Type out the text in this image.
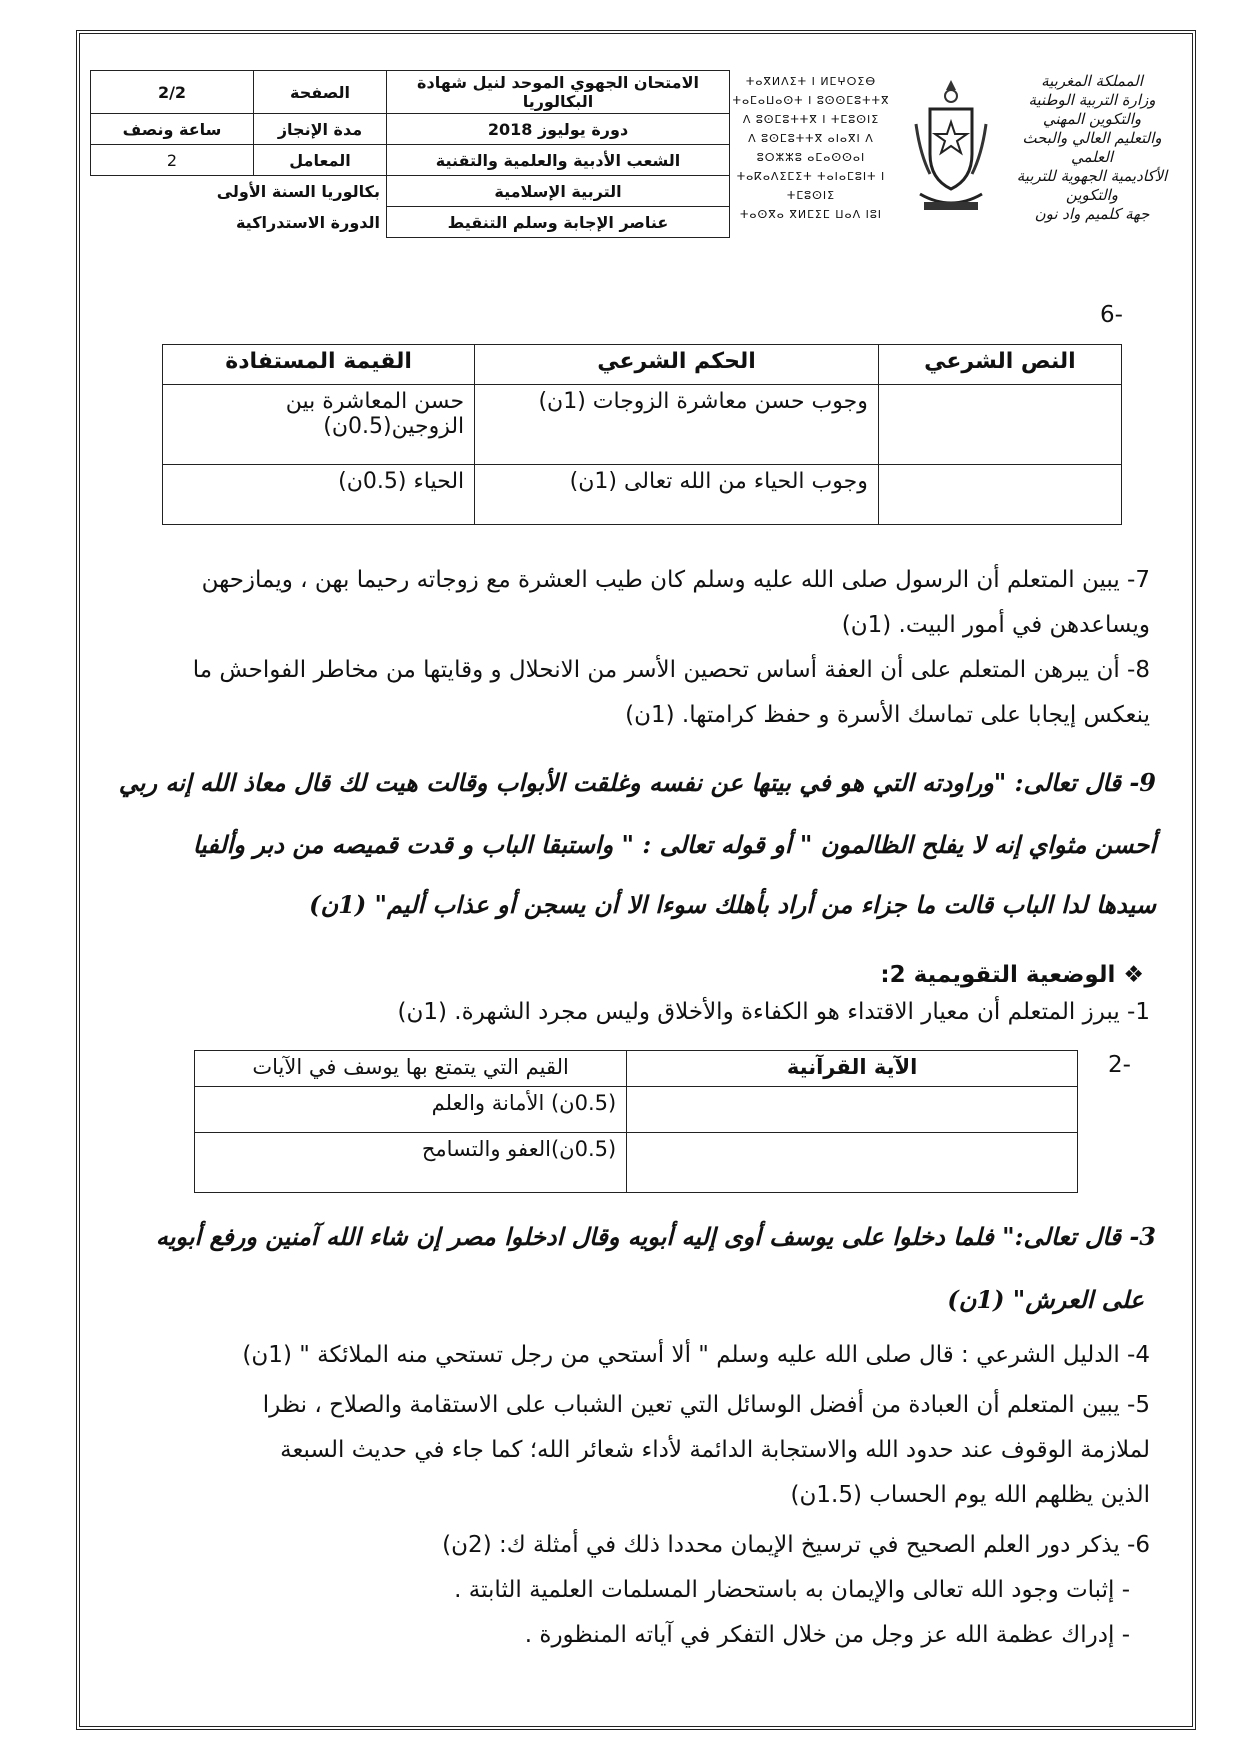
المملكة المغربية
وزارة التربية الوطنية
والتكوين المهني
والتعليم العالي والبحث العلمي
الأكاديمية الجهوية للتربية والتكوين
جهة كلميم واد نون
ⵜⴰⴳⵍⴷⵉⵜ ⵏ ⵍⵎⵖⵔⵉⴱ
ⵜⴰⵎⴰⵡⴰⵙⵜ ⵏ ⵓⵙⵙⵎⵓⵜⵜⴳ
ⴷ ⵓⵙⵎⵓⵜⵜⴳ ⵏ ⵜⵎⵓⵙⵏⵉ
ⴷ ⵓⵙⵎⵓⵜⵜⴳ ⴰⵏⴰⴳⵏ ⴷ ⵓⵔⵣⵣⵓ ⴰⵎⴰⵙⵙⴰⵏ
ⵜⴰⴽⴰⴷⵉⵎⵉⵜ ⵜⴰⵏⴰⵎⵓⵏⵜ ⵏ ⵜⵎⵓⵙⵏⵉ
ⵜⴰⵙⴳⴰ ⴳⵍⵎⵉⵎ ⵡⴰⴷ ⵏⵓⵏ
الامتحان الجهوي الموحد لنيل شهادة البكالوريا	الصفحة	2/2
دورة يوليوز 2018	مدة الإنجاز	ساعة ونصف
الشعب الأدبية والعلمية والتقنية	المعامل	2
التربية الإسلامية	بكالوريا السنة الأولى	
عناصر الإجابة وسلم التنقيط	الدورة الاستدراكية	
-6
النص الشرعي	الحكم الشرعي	القيمة المستفادة
	وجوب حسن معاشرة الزوجات (1ن)	حسن المعاشرة بين
الزوجين(0.5ن)

	وجوب الحياء من الله تعالى (1ن)	الحياء (0.5ن)
7- يبين المتعلم أن الرسول صلى الله عليه وسلم كان طيب العشرة مع زوجاته رحيما بهن ، ويمازحهن
ويساعدهن في أمور البيت. (1ن)
8- أن يبرهن المتعلم على أن العفة أساس تحصين الأسر من الانحلال و وقايتها من مخاطر الفواحش ما
ينعكس إيجابا على تماسك الأسرة و حفظ كرامتها. (1ن)
9- قال تعالى: "وراودته التي هو في بيتها عن نفسه وغلقت الأبواب وقالت هيت لك قال معاذ الله إنه ربي
أحسن مثواي إنه لا يفلح الظالمون " أو قوله تعالى : " واستبقا الباب و قدت قميصه من دبر وألفيا
سيدها لدا الباب قالت ما جزاء من أراد بأهلك سوءا الا أن يسجن أو عذاب أليم" (1ن)
❖ الوضعية التقويمية 2:
1- يبرز المتعلم أن معيار الاقتداء هو الكفاءة والأخلاق وليس مجرد الشهرة. (1ن)
-2
الآية القرآنية	القيم التي يتمتع بها يوسف في الآيات
	(0.5ن) الأمانة والعلم
	(0.5ن)العفو والتسامح
3- قال تعالى:" فلما دخلوا على يوسف أوى إليه أبويه وقال ادخلوا مصر إن شاء الله آمنين ورفع أبويه
على العرش" (1ن)
4- الدليل الشرعي : قال صلى الله عليه وسلم " ألا أستحي من رجل تستحي منه الملائكة " (1ن)
5- يبين المتعلم أن العبادة من أفضل الوسائل التي تعين الشباب على الاستقامة والصلاح ، نظرا
لملازمة الوقوف عند حدود الله والاستجابة الدائمة لأداء شعائر الله؛ كما جاء في حديث السبعة
الذين يظلهم الله يوم الحساب (1.5ن)
6- يذكر دور العلم الصحيح في ترسيخ الإيمان محددا ذلك في أمثلة ك: (2ن)
- إثبات وجود الله تعالى والإيمان به باستحضار المسلمات العلمية الثابتة .
- إدراك عظمة الله عز وجل من خلال التفكر في آياته المنظورة .
